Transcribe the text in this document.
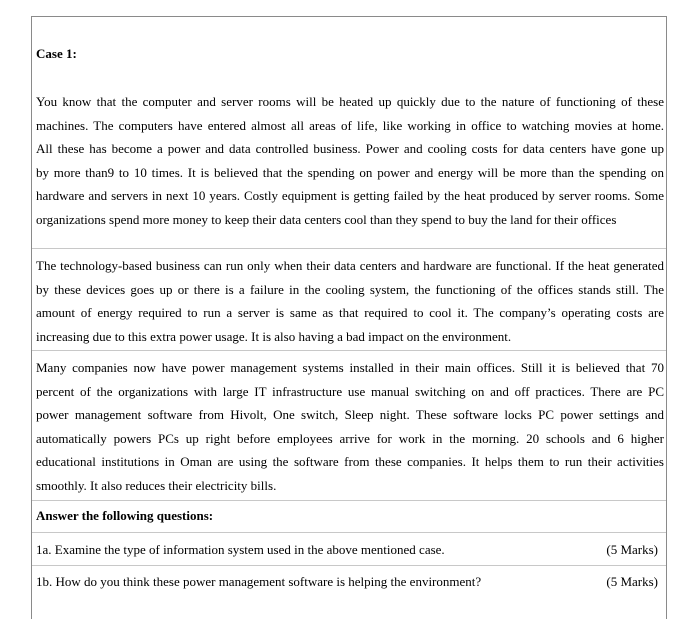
Case 1:

You know that the computer and server rooms will be heated up quickly due to the nature of functioning of these
machines. The computers have entered almost all areas of life, like working in office to watching movies at home.
All these has become a power and data controlled business. Power and cooling costs for data centers have gone up
by more than9 to 10 times. It is believed that the spending on power and energy will be more than the spending on
hardware and servers in next 10 years. Costly equipment is getting failed by the heat produced by server rooms. Some
organizations spend more money to keep their data centers cool than they spend to buy the land for their offices
The technology-based business can run only when their data centers and hardware are functional. If the heat generated
by these devices goes up or there is a failure in the cooling system, the functioning of the offices stands still. The
amount of energy required to run a server is same as that required to cool it. The company’s operating costs are
increasing due to this extra power usage. It is also having a bad impact on the environment.
Many companies now have power management systems installed in their main offices. Still it is believed that 70
percent of the organizations with large IT infrastructure use manual switching on and off practices. There are PC
power management software from Hivolt, One switch, Sleep night. These software locks PC power settings and
automatically powers PCs up right before employees arrive for work in the morning. 20 schools and 6 higher
educational institutions in Oman are using the software from these companies. It helps them to run their activities
smoothly. It also reduces their electricity bills.

Answer the following questions:

1a. Examine the type of information system used in the above mentioned case.	(5 Marks)
1b. How do you think these power management software is helping the environment?	(5 Marks)
